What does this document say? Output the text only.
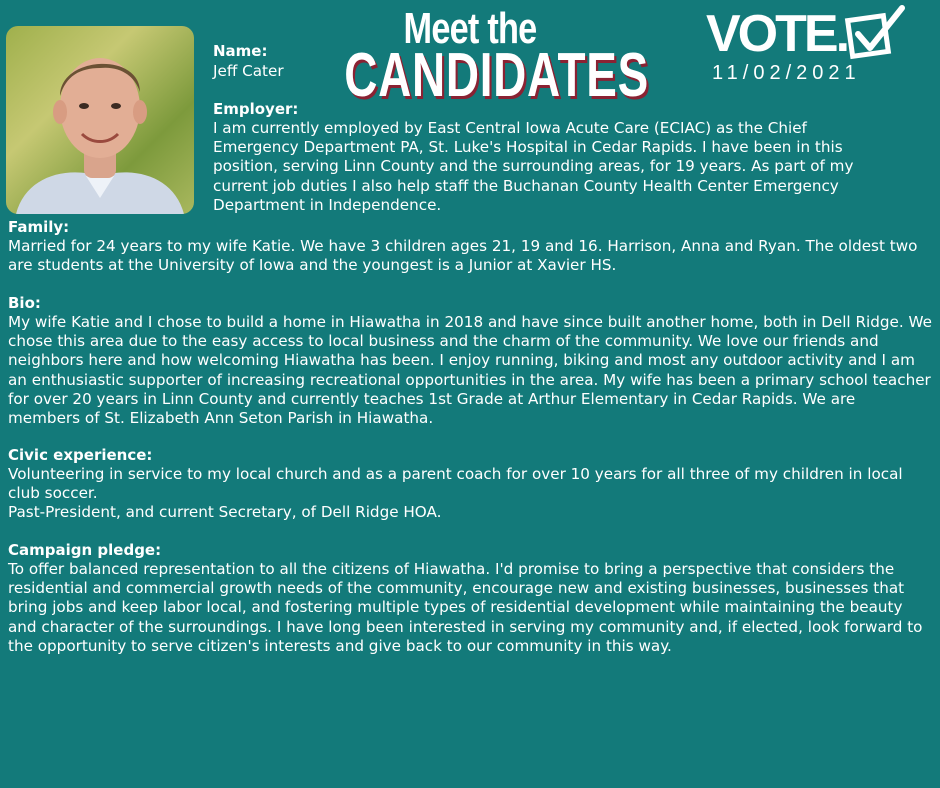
Name:
Jeff Cater
Meet the
CANDIDATES
VOTE.
11/02/2021
Employer:

I am currently employed by East Central Iowa Acute Care (ECIAC) as the Chief Emergency Department PA, St. Luke's Hospital in Cedar Rapids. I have been in this position, serving Linn County and the surrounding areas, for 19 years. As part of my current job duties I also help staff the Buchanan County Health Center Emergency Department in Independence.

Family:

Married for 24 years to my wife Katie. We have 3 children ages 21, 19 and 16. Harrison, Anna and Ryan. The oldest two are students at the University of Iowa and the youngest is a Junior at Xavier HS.

Bio:

My wife Katie and I chose to build a home in Hiawatha in 2018 and have since built another home, both in Dell Ridge. We chose this area due to the easy access to local business and the charm of the community. We love our friends and neighbors here and how welcoming Hiawatha has been. I enjoy running, biking and most any outdoor activity and I am an enthusiastic supporter of increasing recreational opportunities in the area. My wife has been a primary school teacher for over 20 years in Linn County and currently teaches 1st Grade at Arthur Elementary in Cedar Rapids. We are members of St. Elizabeth Ann Seton Parish in Hiawatha.

Civic experience:

Volunteering in service to my local church and as a parent coach for over 10 years for all three of my children in local club soccer.

Past-President, and current Secretary, of Dell Ridge HOA.

Campaign pledge:

To offer balanced representation to all the citizens of Hiawatha. I'd promise to bring a perspective that considers the residential and commercial growth needs of the community, encourage new and existing businesses, businesses that bring jobs and keep labor local, and fostering multiple types of residential development while maintaining the beauty and character of the surroundings. I have long been interested in serving my community and, if elected, look forward to the opportunity to serve citizen's interests and give back to our community in this way.
